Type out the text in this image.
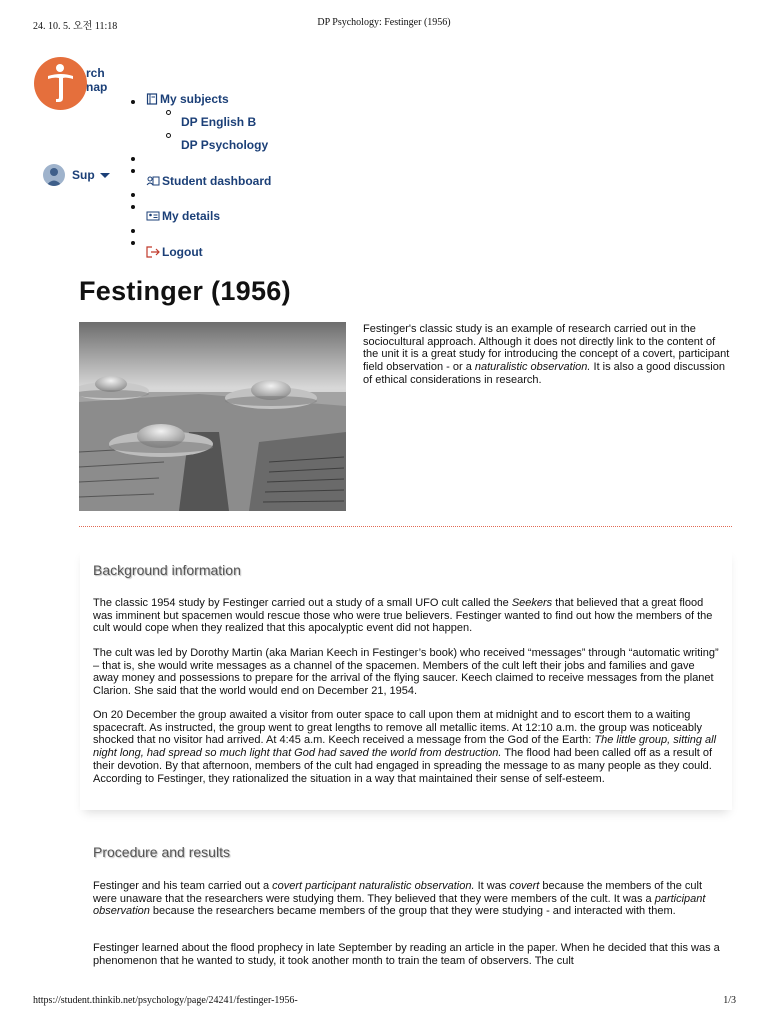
24. 10. 5. 오전 11:18	DP Psychology: Festinger (1956)
https://student.thinkib.net/psychology/page/24241/festinger-1956-	1/3
rch
nap
My subjects
DP English B
DP Psychology
Student dashboard
My details
Logout
Sup
Festinger (1956)

Festinger's classic study is an example of research carried out in the sociocultural approach. Although it does not directly link to the content of the unit it is a great study for introducing the concept of a covert, participant field observation - or a naturalistic observation. It is also a good discussion of ethical considerations in research.

Background information

The classic 1954 study by Festinger carried out a study of a small UFO cult called the Seekers that believed that a great flood was imminent but spacemen would rescue those who were true believers. Festinger wanted to find out how the members of the cult would cope when they realized that this apocalyptic event did not happen.

The cult was led by Dorothy Martin (aka Marian Keech in Festinger’s book) who received “messages” through “automatic writing” – that is, she would write messages as a channel of the spacemen. Members of the cult left their jobs and families and gave away money and possessions to prepare for the arrival of the flying saucer. Keech claimed to receive messages from the planet Clarion. She said that the world would end on December 21, 1954.

On 20 December the group awaited a visitor from outer space to call upon them at midnight and to escort them to a waiting spacecraft. As instructed, the group went to great lengths to remove all metallic items. At 12:10 a.m. the group was noticeably shocked that no visitor had arrived. At 4:45 a.m. Keech received a message from the God of the Earth: The little group, sitting all night long, had spread so much light that God had saved the world from destruction. The flood had been called off as a result of their devotion. By that afternoon, members of the cult had engaged in spreading the message to as many people as they could. According to Festinger, they rationalized the situation in a way that maintained their sense of self-esteem.

Procedure and results

Festinger and his team carried out a covert participant naturalistic observation. It was covert because the members of the cult were unaware that the researchers were studying them. They believed that they were members of the cult. It was a participant observation because the researchers became members of the group that they were studying - and interacted with them.

Festinger learned about the flood prophecy in late September by reading an article in the paper. When he decided that this was a phenomenon that he wanted to study, it took another month to train the team of observers. The cult
